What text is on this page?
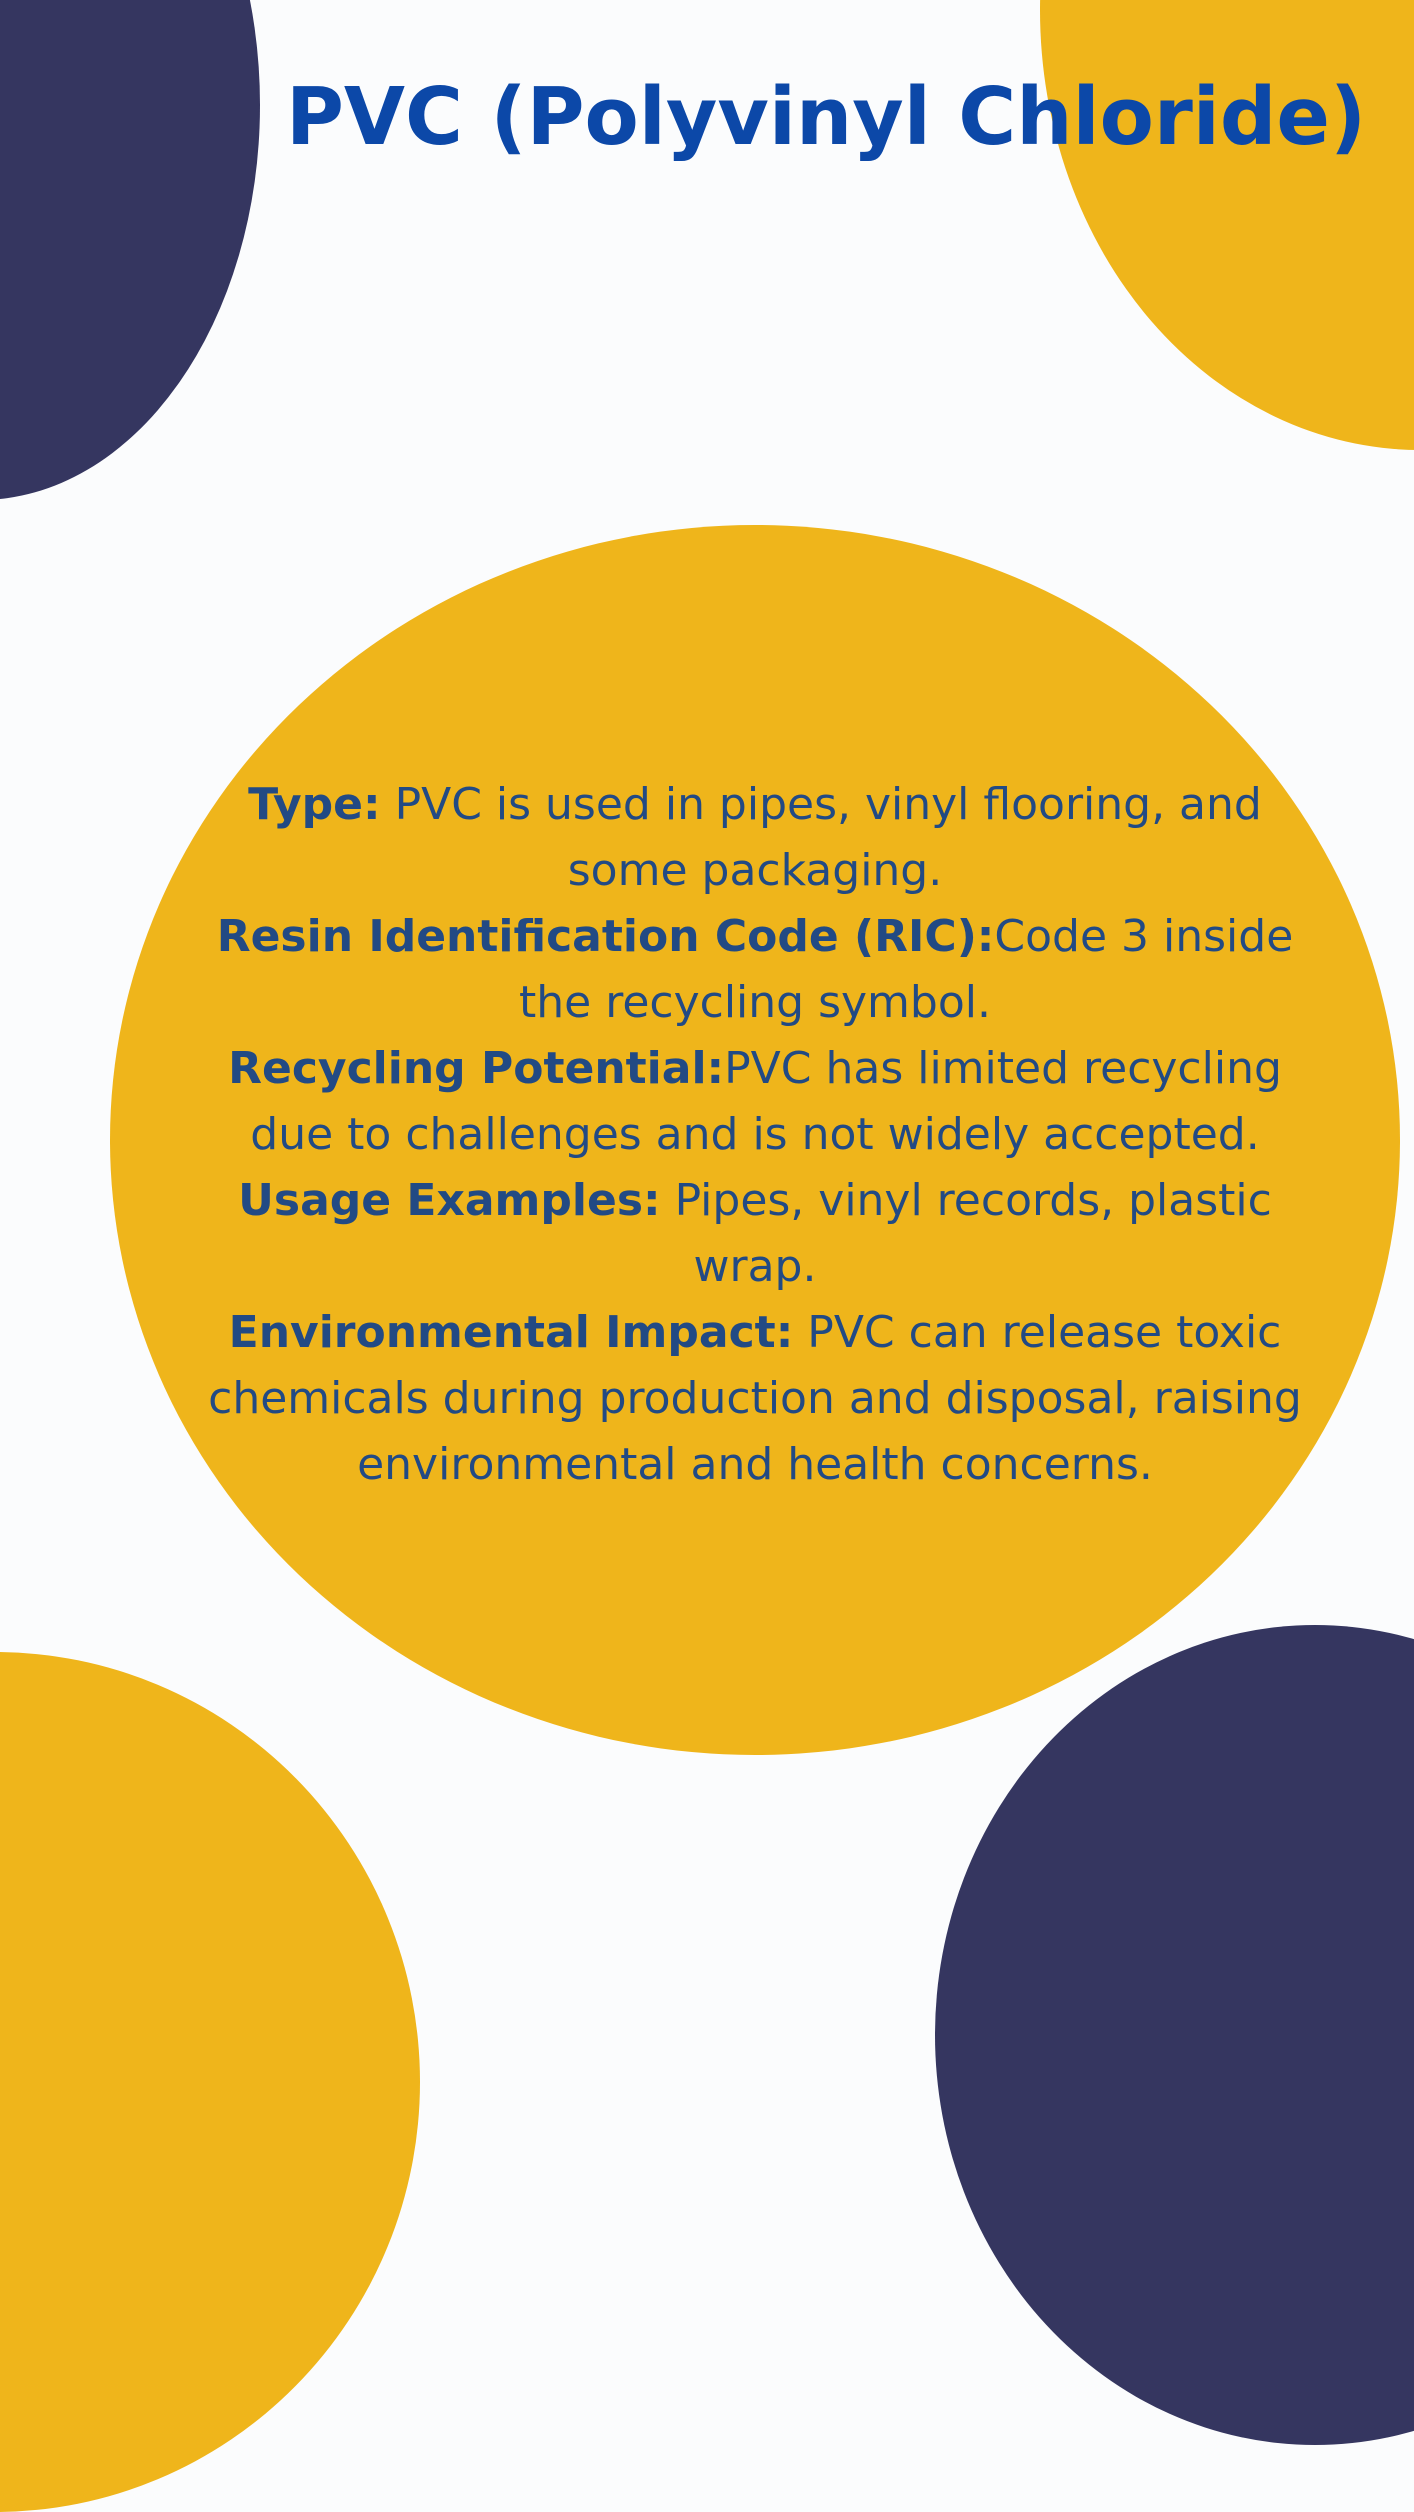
PVC (Polyvinyl Chloride)

Type: PVC is used in pipes, vinyl flooring, and some packaging.

Resin Identification Code (RIC):Code 3 inside the recycling symbol.

Recycling Potential:PVC has limited recycling due to challenges and is not widely accepted.

Usage Examples: Pipes, vinyl records, plastic wrap.

Environmental Impact: PVC can release toxic chemicals during production and disposal, raising environmental and health concerns.
